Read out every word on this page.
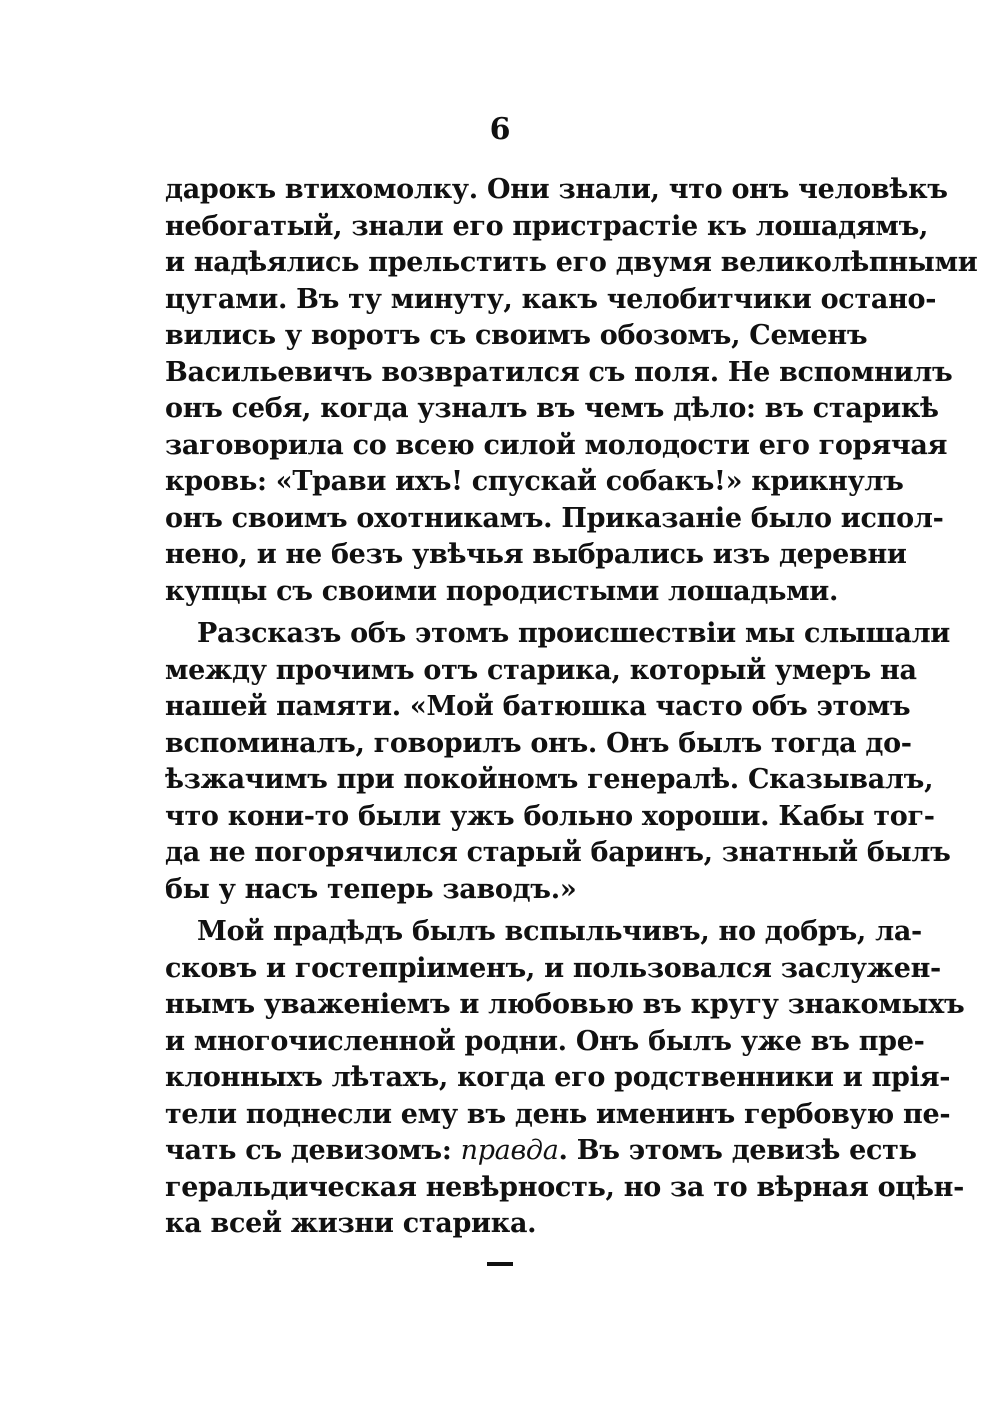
6
дарокъ втихомолку. Они знали, что онъ человѣкъ
небогатый, знали его пристрастіе къ лошадямъ,
и надѣялись прельстить его двумя великолѣпными
цугами. Въ ту минуту, какъ челобитчики остано-
вились у воротъ съ своимъ обозомъ, Семенъ
Васильевичъ возвратился съ поля. Не вспомнилъ
онъ себя, когда узналъ въ чемъ дѣло: въ старикѣ
заговорила со всею силой молодости его горячая
кровь: «Трави ихъ! спускай собакъ!» крикнулъ
онъ своимъ охотникамъ. Приказаніе было испол-
нено, и не безъ увѣчья выбрались изъ деревни
купцы съ своими породистыми лошадьми.
Разсказъ объ этомъ происшествіи мы слышали
между прочимъ отъ старика, который умеръ на
нашей памяти. «Мой батюшка часто объ этомъ
вспоминалъ, говорилъ онъ. Онъ былъ тогда до-
ѣзжачимъ при покойномъ генералѣ. Сказывалъ,
что кони-то были ужъ больно хороши. Кабы тог-
да не погорячился старый баринъ, знатный былъ
бы у насъ теперь заводъ.»
Мой прадѣдъ былъ вспыльчивъ, но добръ, ла-
сковъ и гостепріименъ, и пользовался заслужен-
нымъ уваженіемъ и любовью въ кругу знакомыхъ
и многочисленной родни. Онъ былъ уже въ пре-
клонныхъ лѣтахъ, когда его родственники и прія-
тели поднесли ему въ день именинъ гербовую пе-
чать съ девизомъ: правда. Въ этомъ девизѣ есть
геральдическая невѣрность, но за то вѣрная оцѣн-
ка всей жизни старика.
